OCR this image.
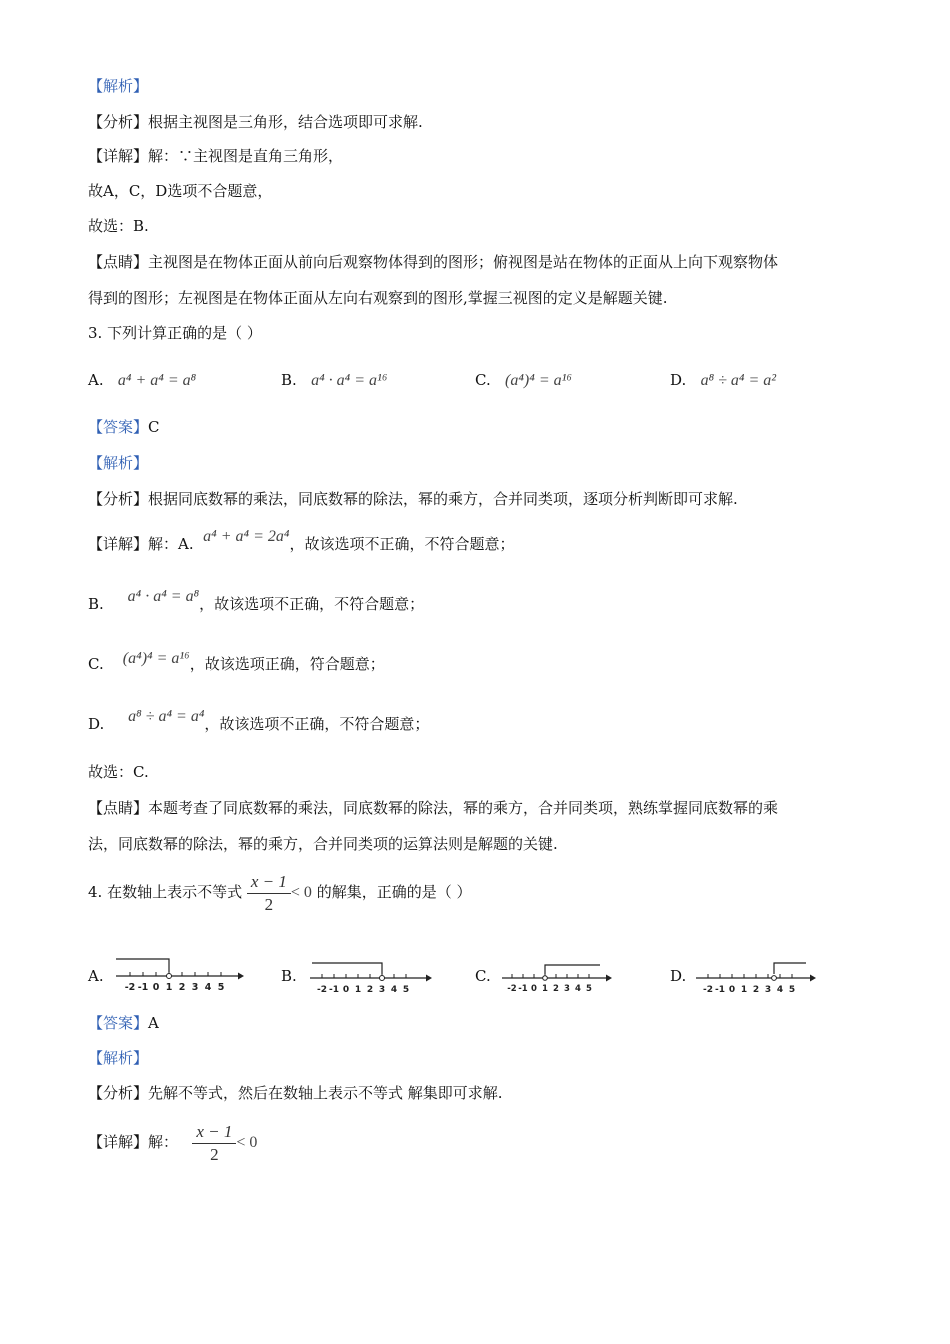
【解析】
【分析】根据主视图是三角形，结合选项即可求解.
【详解】解：∵主视图是直角三角形，
故A，C，D选项不合题意，
故选：B.
【点睛】主视图是在物体正面从前向后观察物体得到的图形；俯视图是站在物体的正面从上向下观察物体
得到的图形；左视图是在物体正面从左向右观察到的图形,掌握三视图的定义是解题关键.
3. 下列计算正确的是（ ）
A. a⁴ + a⁴ = a⁸	B. a⁴ · a⁴ = a¹⁶	C. (a⁴)⁴ = a¹⁶	D. a⁸ ÷ a⁴ = a²
【答案】C
【解析】
【分析】根据同底数幂的乘法，同底数幂的除法，幂的乘方，合并同类项，逐项分析判断即可求解.
【详解】解：A. a⁴ + a⁴ = 2a⁴，故该选项不正确，不符合题意；
B. a⁴ · a⁴ = a⁸，故该选项不正确，不符合题意；
C. (a⁴)⁴ = a¹⁶，故该选项正确，符合题意；
D. a⁸ ÷ a⁴ = a⁴，故该选项不正确，不符合题意；
故选：C.
【点睛】本题考查了同底数幂的乘法，同底数幂的除法，幂的乘方，合并同类项，熟练掌握同底数幂的乘
法，同底数幂的除法，幂的乘方，合并同类项的运算法则是解题的关键.
4. 在数轴上表示不等式 $\frac{x - 1}{2} < 0$ 的解集，正确的是（ ）
A.
-2 -1 0 1 2 3 4 5
B.
-2 -1 0 1 2 3 4 5
C.
-2 -1 0 1 2 3 4 5
D.
-2 -1 0 1 2 3 4 5
【答案】A
【解析】
【分析】先解不等式，然后在数轴上表示不等式 解集即可求解.
【详解】解： $\frac{x - 1}{2} < 0$
